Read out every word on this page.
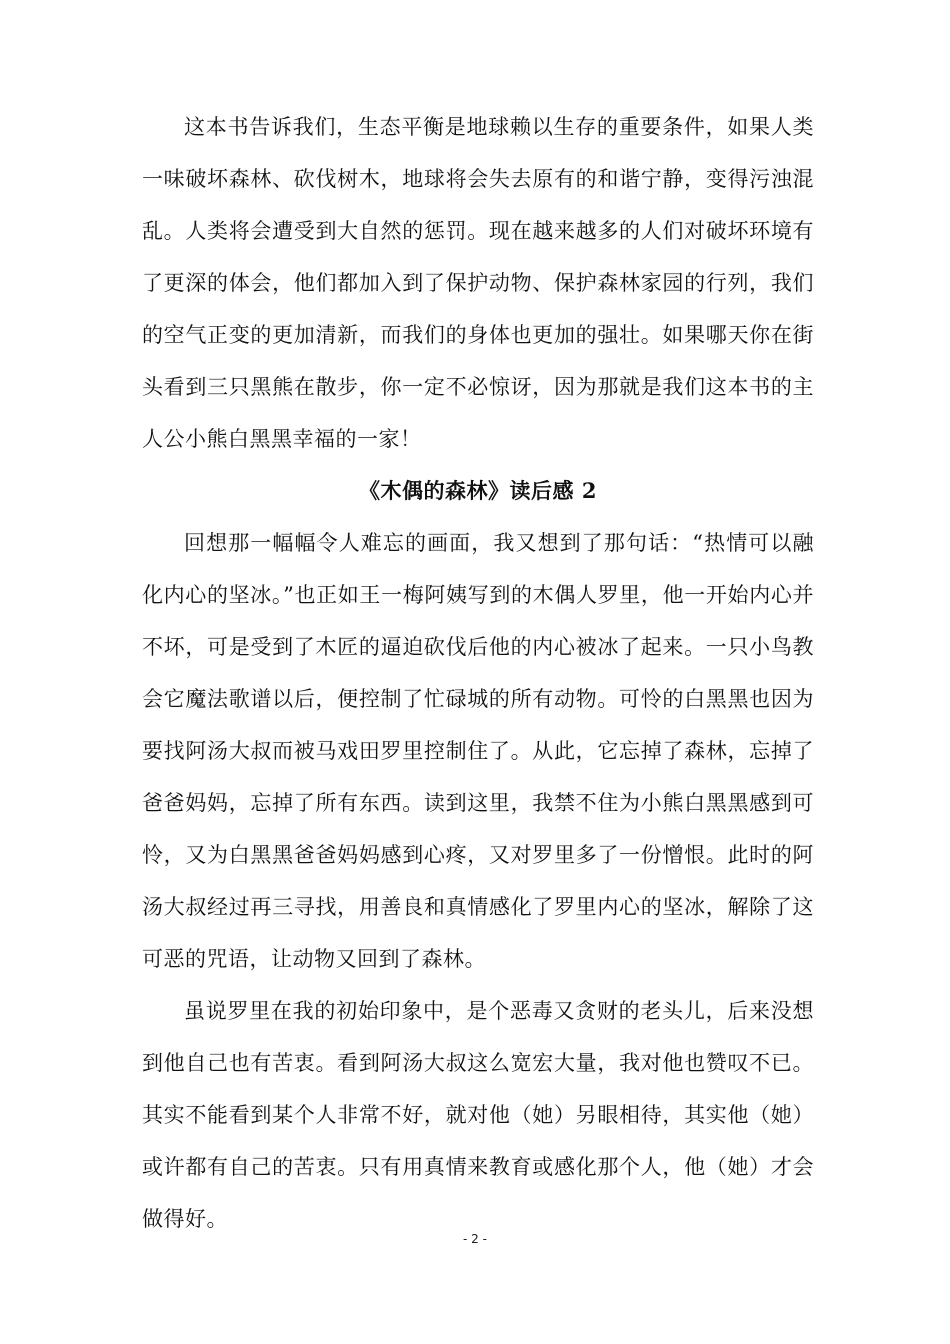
这本书告诉我们，生态平衡是地球赖以生存的重要条件，如果人类一味破坏森林、砍伐树木，地球将会失去原有的和谐宁静，变得污浊混乱。人类将会遭受到大自然的惩罚。现在越来越多的人们对破坏环境有了更深的体会，他们都加入到了保护动物、保护森林家园的行列，我们的空气正变的更加清新，而我们的身体也更加的强壮。如果哪天你在街头看到三只黑熊在散步，你一定不必惊讶，因为那就是我们这本书的主人公小熊白黑黑幸福的一家！

《木偶的森林》读后感 2

回想那一幅幅令人难忘的画面，我又想到了那句话：“热情可以融化内心的坚冰。”也正如王一梅阿姨写到的木偶人罗里，他一开始内心并不坏，可是受到了木匠的逼迫砍伐后他的内心被冰了起来。一只小鸟教会它魔法歌谱以后，便控制了忙碌城的所有动物。可怜的白黑黑也因为要找阿汤大叔而被马戏田罗里控制住了。从此，它忘掉了森林，忘掉了爸爸妈妈，忘掉了所有东西。读到这里，我禁不住为小熊白黑黑感到可怜，又为白黑黑爸爸妈妈感到心疼，又对罗里多了一份憎恨。此时的阿汤大叔经过再三寻找，用善良和真情感化了罗里内心的坚冰，解除了这可恶的咒语，让动物又回到了森林。

虽说罗里在我的初始印象中，是个恶毒又贪财的老头儿，后来没想到他自己也有苦衷。看到阿汤大叔这么宽宏大量，我对他也赞叹不已。其实不能看到某个人非常不好，就对他（她）另眼相待，其实他（她）或许都有自己的苦衷。只有用真情来教育或感化那个人，他（她）才会做得好。

- 2 -
